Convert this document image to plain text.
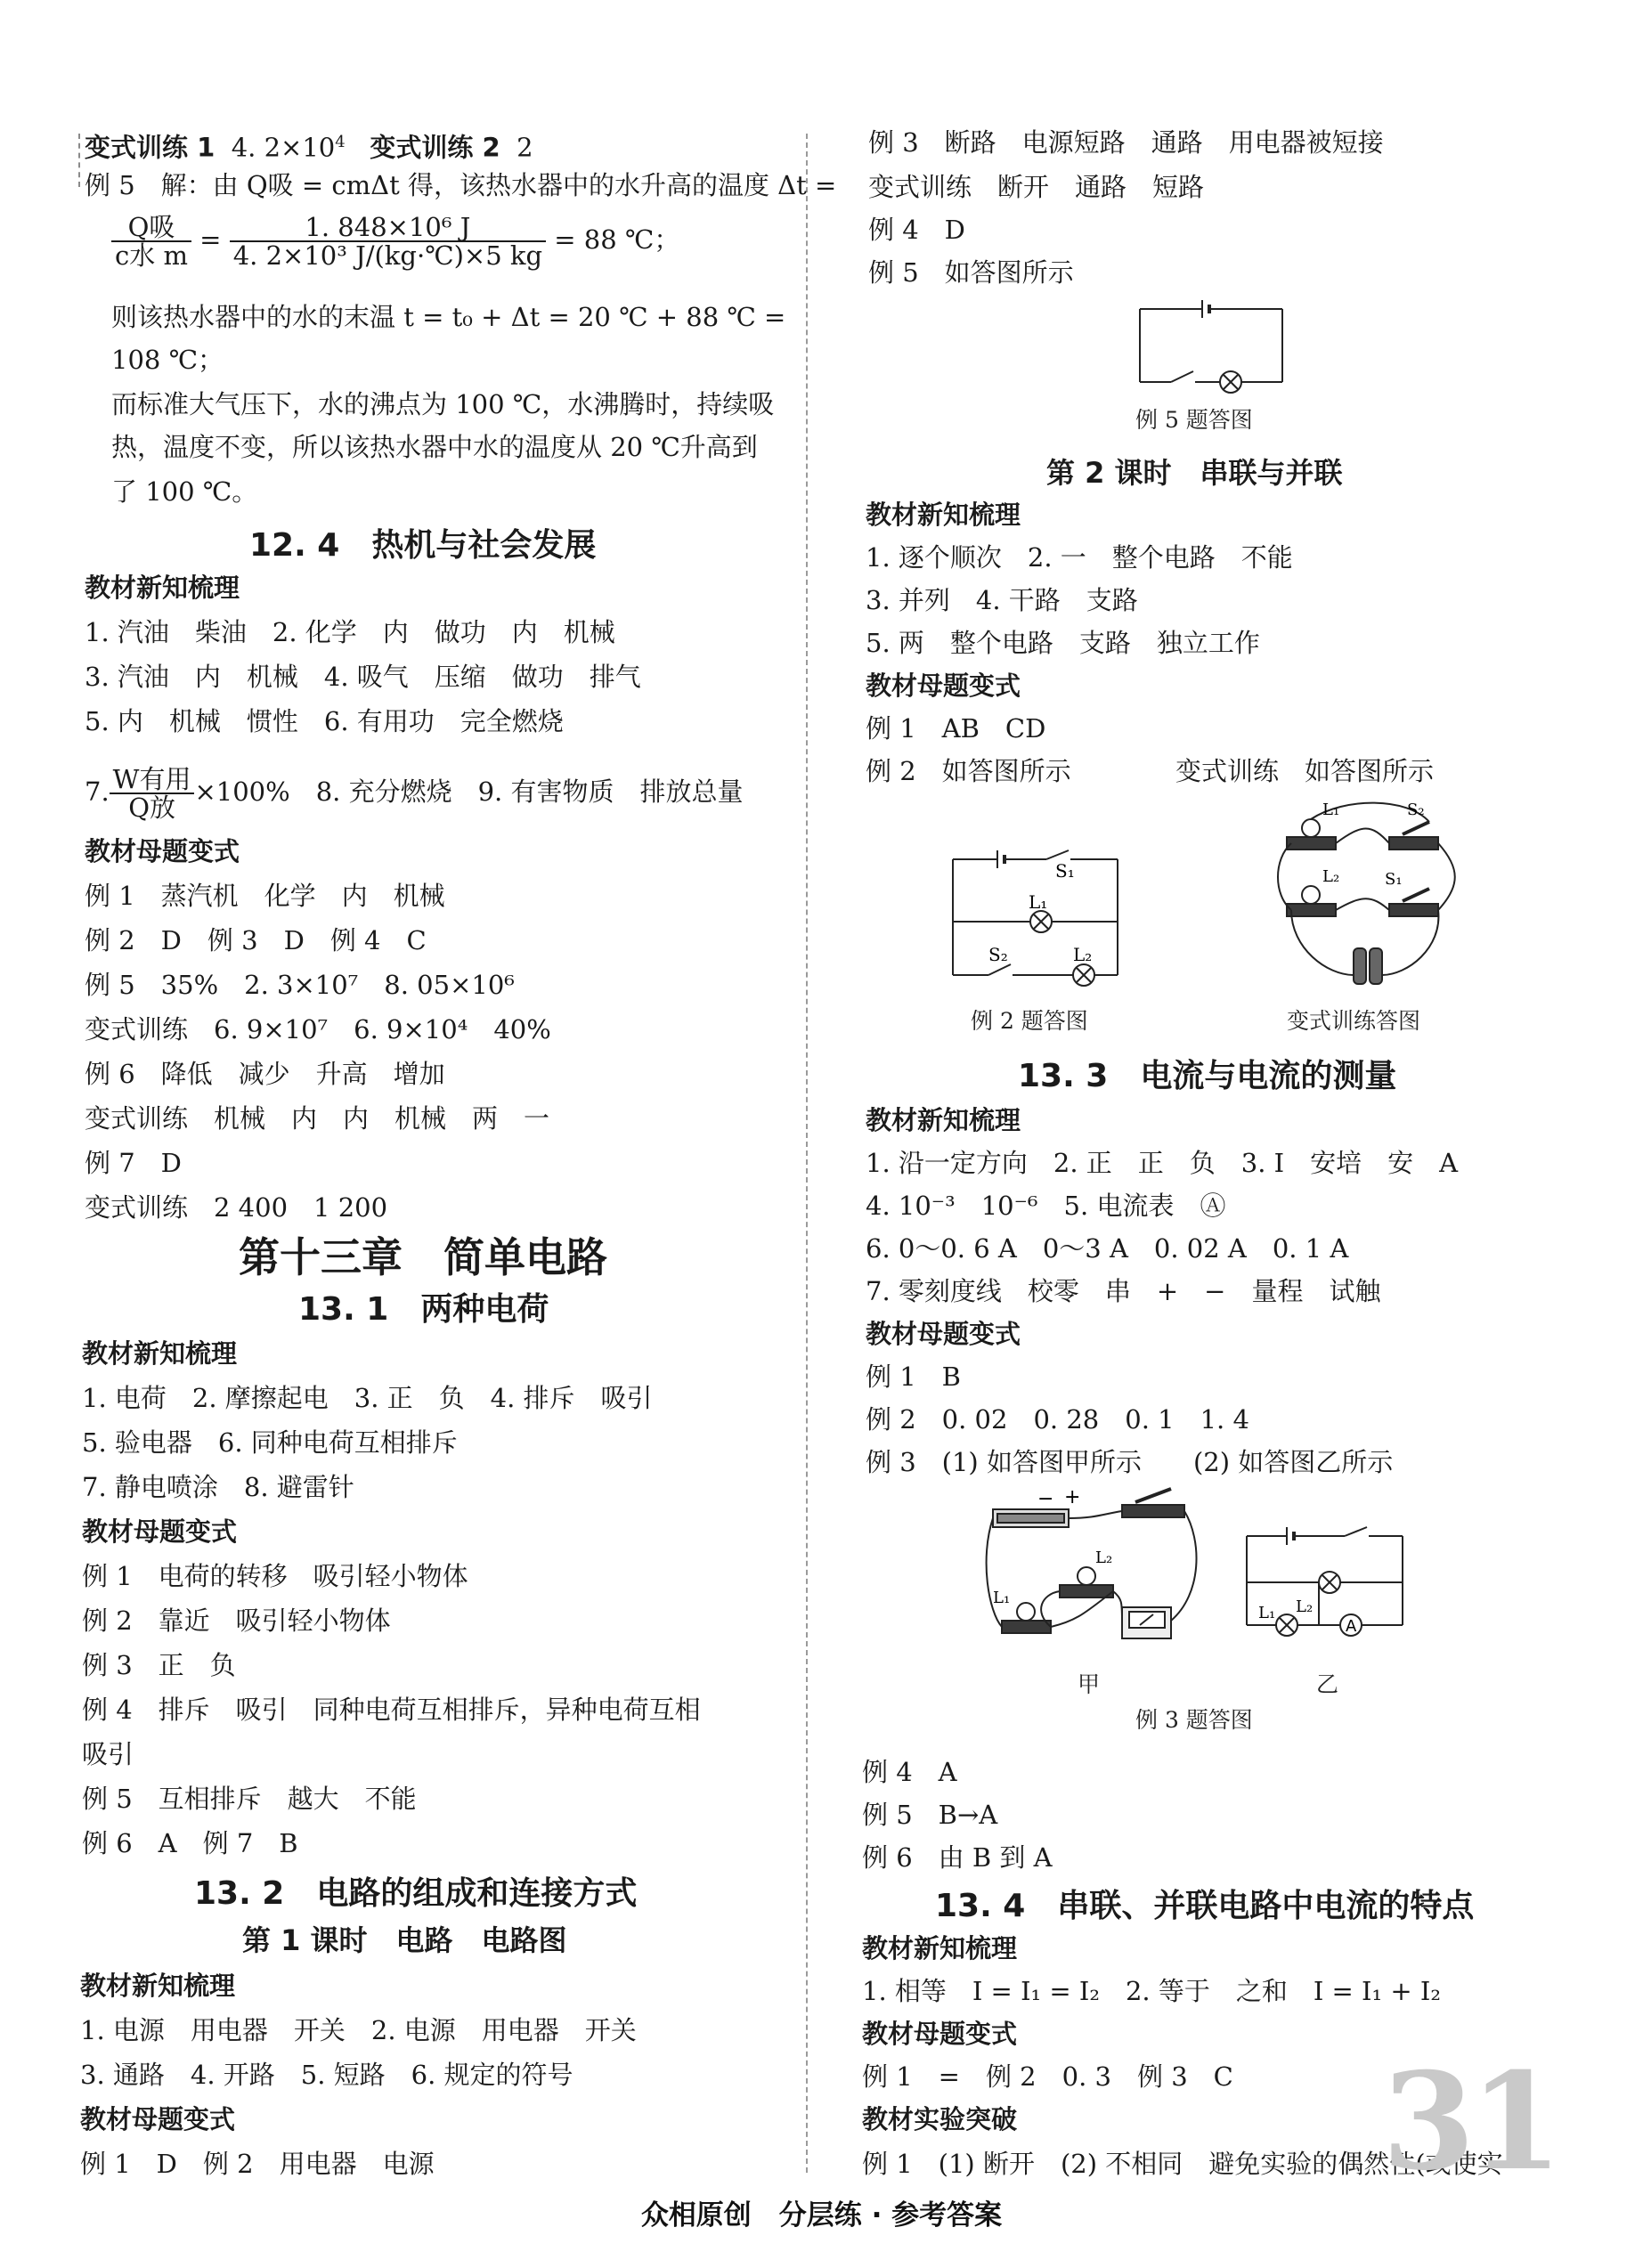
变式训练 1 4. $2\times 10^4$ 变式训练 2 2
例 5　解：由 Q吸 = cmΔt 得，该热水器中的水升高的温度 Δt =
$\frac{\text{Q吸}}{\text{c水 m}} = \frac{\text{1. 848×10⁶ J}}{\text{4. 2×10³ J/(kg·℃)×5 kg}} = 88$ ℃；
则该热水器中的水的末温 t = t₀ + Δt = 20 ℃ + 88 ℃ =
108 ℃；
而标准大气压下，水的沸点为 100 ℃，水沸腾时，持续吸
热，温度不变，所以该热水器中水的温度从 20 ℃升高到
了 100 ℃。
12. 4　热机与社会发展
教材新知梳理
1. 汽油　柴油　2. 化学　内　做功　内　机械
3. 汽油　内　机械　4. 吸气　压缩　做功　排气
5. 内　机械　惯性　6. 有用功　完全燃烧
7. $\frac{\text{W有用}}{\text{Q放}} \times 100\%$　8. 充分燃烧　9. 有害物质　排放总量
教材母题变式
例 1　蒸汽机　化学　内　机械
例 2　D　例 3　D　例 4　C
例 5　35%　2. 3×10⁷　8. 05×10⁶
变式训练　6. 9×10⁷　6. 9×10⁴　40%
例 6　降低　减少　升高　增加
变式训练　机械　内　内　机械　两　一
例 7　D
变式训练　2 400　1 200
第十三章　简单电路
13. 1　两种电荷
教材新知梳理
1. 电荷　2. 摩擦起电　3. 正　负　4. 排斥　吸引
5. 验电器　6. 同种电荷互相排斥
7. 静电喷涂　8. 避雷针
教材母题变式
例 1　电荷的转移　吸引轻小物体
例 2　靠近　吸引轻小物体
例 3　正　负
例 4　排斥　吸引　同种电荷互相排斥，异种电荷互相
吸引
例 5　互相排斥　越大　不能
例 6　A　例 7　B
13. 2　电路的组成和连接方式
第 1 课时　电路　电路图
教材新知梳理
1. 电源　用电器　开关　2. 电源　用电器　开关
3. 通路　4. 开路　5. 短路　6. 规定的符号
教材母题变式
例 1　D　例 2　用电器　电源
例 3　断路　电源短路　通路　用电器被短接
变式训练　断开　通路　短路
例 4　D
例 5　如答图所示
例 5 题答图
第 2 课时　串联与并联
教材新知梳理
1. 逐个顺次　2. 一　整个电路　不能
3. 并列　4. 干路　支路
5. 两　整个电路　支路　独立工作
教材母题变式
例 1　AB　CD
例 2　如答图所示	变式训练　如答图所示
S₁
L₁
S₂	L₂
例 2 题答图
L₁	S₂
L₂	S₁
变式训练答图
13. 3　电流与电流的测量
教材新知梳理
1. 沿一定方向　2. 正　正　负　3. I　安培　安　A
4. 10⁻³　10⁻⁶　5. 电流表　Ⓐ
6. 0～0. 6 A　0～3 A　0. 02 A　0. 1 A
7. 零刻度线　校零　串　+　−　量程　试触
教材母题变式
例 1　B
例 2　0. 02　0. 28　0. 1　1. 4
例 3　(1) 如答图甲所示　　(2) 如答图乙所示
− +
L₂
L₁
甲
A
L₂
L₁
乙
例 3 题答图
例 4　A
例 5　B→A
例 6　由 B 到 A
13. 4　串联、并联电路中电流的特点
教材新知梳理
1. 相等　I = I₁ = I₂　2. 等于　之和　I = I₁ + I₂
教材母题变式
例 1　=　例 2　0. 3　例 3　C
教材实验突破
例 1　(1) 断开　(2) 不相同　避免实验的偶然性(或使实
31
众相原创　分层练 · 参考答案
